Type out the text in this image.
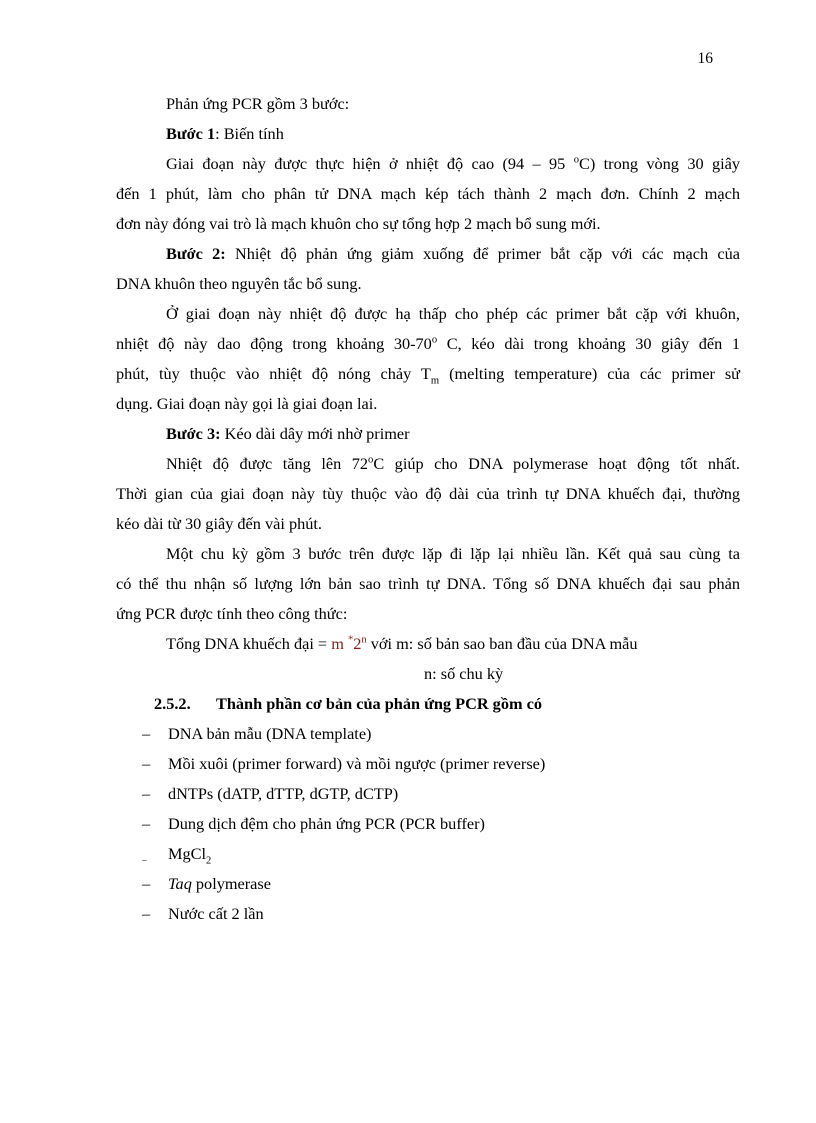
16
Phản ứng PCR gồm 3 bước:
Bước 1: Biến tính
Giai đoạn này được thực hiện ở nhiệt độ cao (94 – 95 $^o$C) trong vòng 30 giây
đến 1 phút, làm cho phân tử DNA mạch kép tách thành 2 mạch đơn. Chính 2 mạch
đơn này đóng vai trò là mạch khuôn cho sự tổng hợp 2 mạch bổ sung mới.
Bước 2: Nhiệt độ phản ứng giảm xuống để primer bắt cặp với các mạch của
DNA khuôn theo nguyên tắc bổ sung.
Ở giai đoạn này nhiệt độ được hạ thấp cho phép các primer bắt cặp với khuôn,
nhiệt độ này dao động trong khoảng 30-70$^o$ C, kéo dài trong khoảng 30 giây đến 1
phút, tùy thuộc vào nhiệt độ nóng chảy $T_m$ (melting temperature) của các primer sử
dụng. Giai đoạn này gọi là giai đoạn lai.
Bước 3: Kéo dài dây mới nhờ primer
Nhiệt độ được tăng lên 72$^o$C giúp cho DNA polymerase hoạt động tốt nhất.
Thời gian của giai đoạn này tùy thuộc vào độ dài của trình tự DNA khuếch đại, thường
kéo dài từ 30 giây đến vài phút.
Một chu kỳ gồm 3 bước trên được lặp đi lặp lại nhiều lần. Kết quả sau cùng ta
có thể thu nhận số lượng lớn bản sao trình tự DNA. Tổng số DNA khuếch đại sau phản
ứng PCR được tính theo công thức:
Tổng DNA khuếch đại = m *2$^n$ với m: số bản sao ban đầu của DNA mẫu
n: số chu kỳ
2.5.2. Thành phần cơ bản của phản ứng PCR gồm có
– DNA bản mẫu (DNA template)
– Mồi xuôi (primer forward) và mồi ngược (primer reverse)
– dNTPs (dATP, dTTP, dGTP, dCTP)
– Dung dịch đệm cho phản ứng PCR (PCR buffer)
– MgCl$_2$
– Taq polymerase
– Nước cất 2 lần
